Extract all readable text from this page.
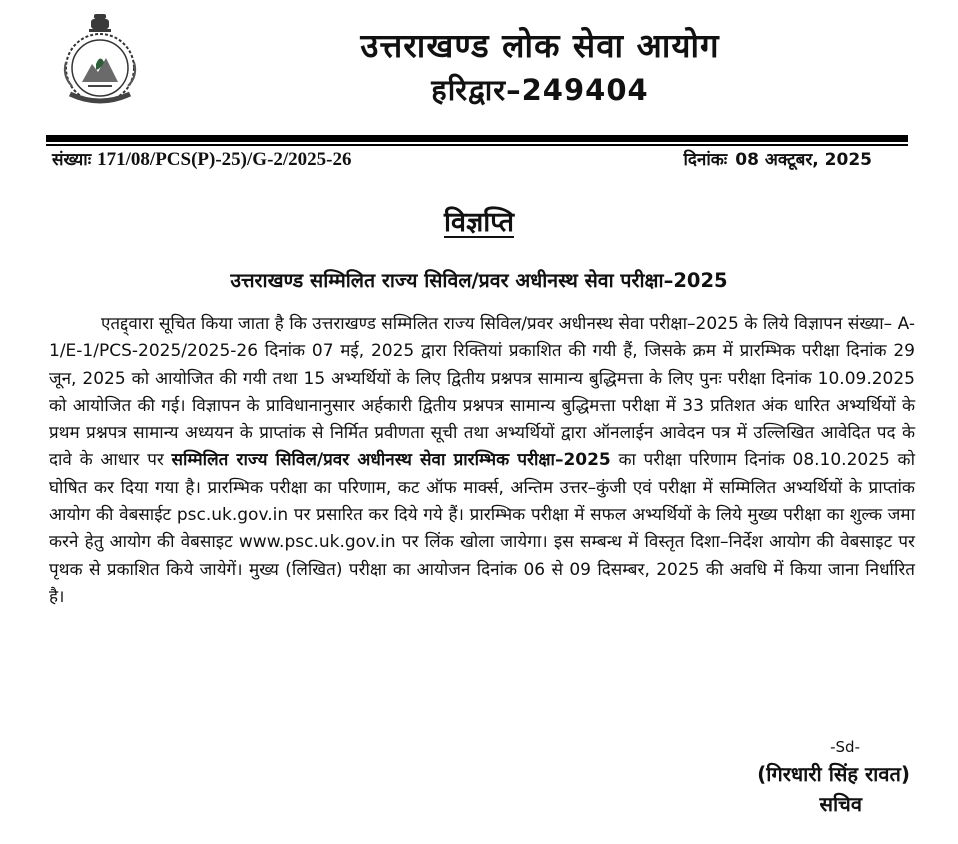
उत्तराखण्ड लोक सेवा आयोग
हरिद्वार–249404

संख्याः 171/08/PCS(P)-25)/G-2/2025-26	दिनांकः 08 अक्टूबर, 2025

विज्ञप्ति

उत्तराखण्ड सम्मिलित राज्य सिविल/प्रवर अधीनस्थ सेवा परीक्षा–2025

एतद्द्वारा सूचित किया जाता है कि उत्तराखण्ड सम्मिलित राज्य सिविल/प्रवर अधीनस्थ सेवा परीक्षा–2025 के लिये विज्ञापन संख्या– A-1/E-1/PCS-2025/2025-26 दिनांक 07 मई, 2025 द्वारा रिक्तियां प्रकाशित की गयी हैं, जिसके क्रम में प्रारम्भिक परीक्षा दिनांक 29 जून, 2025 को आयोजित की गयी तथा 15 अभ्यर्थियों के लिए द्वितीय प्रश्नपत्र सामान्य बुद्धिमत्ता के लिए पुनः परीक्षा दिनांक 10.09.2025 को आयोजित की गई। विज्ञापन के प्राविधानानुसार अर्हकारी द्वितीय प्रश्नपत्र सामान्य बुद्धिमत्ता परीक्षा में 33 प्रतिशत अंक धारित अभ्यर्थियों के प्रथम प्रश्नपत्र सामान्य अध्ययन के प्राप्तांक से निर्मित प्रवीणता सूची तथा अभ्यर्थियों द्वारा ऑनलाईन आवेदन पत्र में उल्लिखित आवेदित पद के दावे के आधार पर सम्मिलित राज्य सिविल/प्रवर अधीनस्थ सेवा प्रारम्भिक परीक्षा–2025 का परीक्षा परिणाम दिनांक 08.10.2025 को घोषित कर दिया गया है। प्रारम्भिक परीक्षा का परिणाम, कट ऑफ मार्क्स, अन्तिम उत्तर–कुंजी एवं परीक्षा में सम्मिलित अभ्यर्थियों के प्राप्तांक आयोग की वेबसाईट psc.uk.gov.in पर प्रसारित कर दिये गये हैं। प्रारम्भिक परीक्षा में सफल अभ्यर्थियों के लिये मुख्य परीक्षा का शुल्क जमा करने हेतु आयोग की वेबसाइट www.psc.uk.gov.in पर लिंक खोला जायेगा। इस सम्बन्ध में विस्तृत दिशा–निर्देश आयोग की वेबसाइट पर पृथक से प्रकाशित किये जायेगें। मुख्य (लिखित) परीक्षा का आयोजन दिनांक 06 से 09 दिसम्बर, 2025 की अवधि में किया जाना निर्धारित है।

-Sd-

(गिरधारी सिंह रावत)

सचिव
